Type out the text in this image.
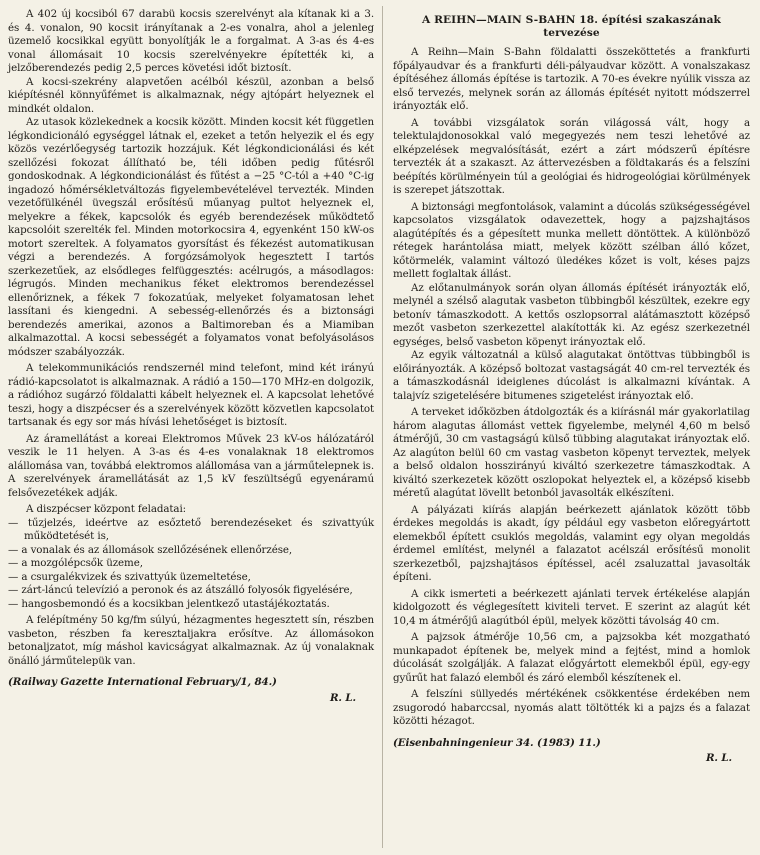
A 402 új kocsiból 67 darabü kocsis szerelvényt ala kítanak ki a 3. és 4. vonalon, 90 kocsit irányítanak a 2-es vonalra, ahol a jelenleg üzemelő kocsikkal együtt bonyolítják le a forgalmat. A 3-as és 4-es vonal állomásait 10 kocsis szerelvényekre építették ki, a jelzőberendezés pedig 2,5 perces követési időt biztosít.

A kocsi-szekrény alapvetően acélból készül, azonban a belső kiépítésnél könnyűfémet is alkalmaznak, négy ajtópárt helyeznek el mindkét oldalon.

Az utasok közlekednek a kocsik között. Minden kocsit két független légkondicionáló egységgel látnak el, ezeket a tetőn helyezik el és egy közös vezérlőegység tartozik hozzájuk. Két légkondicionálási és két szellőzési fokozat állítható be, téli időben pedig fűtésről gondoskodnak. A légkondicionálást és fűtést a −25 °C-tól a +40 °C-ig ingadozó hőmérsékletváltozás figyelembevételével tervezték. Minden vezetőfülkénél üvegszál erősítésű műanyag pultot helyeznek el, melyekre a fékek, kapcsolók és egyéb berendezések működtető kapcsolóit szerelték fel. Minden motorkocsira 4, egyenként 150 kW-os motort szereltek. A folyamatos gyorsítást és fékezést automatikusan végzi a berendezés. A forgózsámolyok hegesztett I tartós szerkezetűek, az elsődleges felfüggesztés: acélrugós, a másodlagos: légrugós. Minden mechanikus féket elektromos berendezéssel ellenőriznek, a fékek 7 fokozatúak, melyeket folyamatosan lehet lassítani és kiengedni. A sebesség-ellenőrzés és a biztonsági berendezés amerikai, azonos a Baltimoreban és a Miamiban alkalmazottal. A kocsi sebességét a folyamatos vonat befolyásolásos módszer szabályozzák.

A telekommunikációs rendszernél mind telefont, mind két irányú rádió-kapcsolatot is alkalmaznak. A rádió a 150—170 MHz-en dolgozik, a rádióhoz sugárzó földalatti kábelt helyeznek el. A kapcsolat lehetővé teszi, hogy a diszpécser és a szerelvények között közvetlen kapcsolatot tartsanak és egy sor más hívási lehetőséget is biztosít.

Az áramellátást a koreai Elektromos Művek 23 kV-os hálózatáról veszik le 11 helyen. A 3-as és 4-es vonalaknak 18 elektromos alállomása van, továbbá elektromos alállomása van a járműtelepnek is. A szerelvények áramellátását az 1,5 kV feszültségű egyenáramú felsővezetékek adják.

A diszpécser központ feladatai:

— tűzjelzés, ideértve az esőztető berendezéseket és szivattyúk működtetését is,
— a vonalak és az állomások szellőzésének ellenőrzése,
— a mozgólépcsők üzeme,
— a csurgalékvizek és szivattyúk üzemeltetése,
— zárt-láncú televízió a peronok és az átszálló folyosók figyelésére,
— hangosbemondó és a kocsikban jelentkező utastájékoztatás.

A felépítmény 50 kg/fm súlyú, hézagmentes hegesztett sín, részben vasbeton, részben fa keresztaljakra erősítve. Az állomásokon betonaljzatot, míg máshol kavicságyat alkalmaznak. Az új vonalaknak önálló járműtelepük van.

(Railway Gazette International February/1, 84.)

R. L.

A REIHN—MAIN S-BAHN 18. építési szakaszának tervezése

A Reihn—Main S-Bahn földalatti összeköttetés a frankfurti főpályaudvar és a frankfurti déli-pályaudvar között. A vonalszakasz építéséhez állomás építése is tartozik. A 70-es évekre nyúlik vissza az első tervezés, melynek során az állomás építését nyitott módszerrel irányozták elő.

A további vizsgálatok során világossá vált, hogy a telektulajdonosokkal való megegyezés nem teszi lehetővé az elképzelések megvalósítását, ezért a zárt módszerű építésre tervezték át a szakaszt. Az áttervezésben a földtakarás és a felszíni beépítés körülményein túl a geológiai és hidrogeológiai körülmények is szerepet játszottak.

A biztonsági megfontolások, valamint a dúcolás szükségességével kapcsolatos vizsgálatok odavezettek, hogy a pajzshajtásos alagútépítés és a gépesített munka mellett döntöttek. A különböző rétegek harántolása miatt, melyek között szélban álló kőzet, kőtörmelék, valamint változó üledékes kőzet is volt, késes pajzs mellett foglaltak állást.

Az előtanulmányok során olyan állomás építését irányozták elő, melynél a szélső alagutak vasbeton tübbingből készültek, ezekre egy betonív támaszkodott. A kettős oszlopsorral alátámasztott középső mezőt vasbeton szerkezettel alakították ki. Az egész szerkezetnél egységes, belső vasbeton köpenyt irányoztak elő.

Az egyik változatnál a külső alagutakat öntöttvas tübbingből is előirányozták. A középső boltozat vastagságát 40 cm-rel tervezték és a támaszkodásnál ideiglenes dúcolást is alkalmazni kívántak. A talajvíz szigetelésére bitumenes szigetelést irányoztak elő.

A terveket időközben átdolgozták és a kiírásnál már gyakorlatilag három alagutas állomást vettek figyelembe, melynél 4,60 m belső átmérőjű, 30 cm vastagságú külső tübbing alagutakat irányoztak elő. Az alagúton belül 60 cm vastag vasbeton köpenyt terveztek, melyek a belső oldalon hosszirányú kiváltó szerkezetre támaszkodtak. A kiváltó szerkezetek között oszlopokat helyeztek el, a középső kisebb méretű alagútat lövellt betonból javasolták elkészíteni.

A pályázati kiírás alapján beérkezett ajánlatok között több érdekes megoldás is akadt, így például egy vasbeton előregyártott elemekből épített csuklós megoldás, valamint egy olyan megoldás érdemel említést, melynél a falazatot acélszál erősítésű monolit szerkezetből, pajzshajtásos építéssel, acél zsaluzattal javasolták építeni.

A cikk ismerteti a beérkezett ajánlati tervek értékelése alapján kidolgozott és véglegesített kiviteli tervet. E szerint az alagút két 10,4 m átmérőjű alagútból épül, melyek közötti távolság 40 cm.

A pajzsok átmérője 10,56 cm, a pajzsokba két mozgatható munkapadot építenek be, melyek mind a fejtést, mind a homlok dúcolását szolgálják. A falazat előgyártott elemekből épül, egy-egy gyűrűt hat falazó elemből és záró elemből készítenek el.

A felszíni süllyedés mértékének csökkentése érdekében nem zsugorodó habarccsal, nyomás alatt töltötték ki a pajzs és a falazat közötti hézagot.

(Eisenbahningenieur 34. (1983) 11.)

R. L.
